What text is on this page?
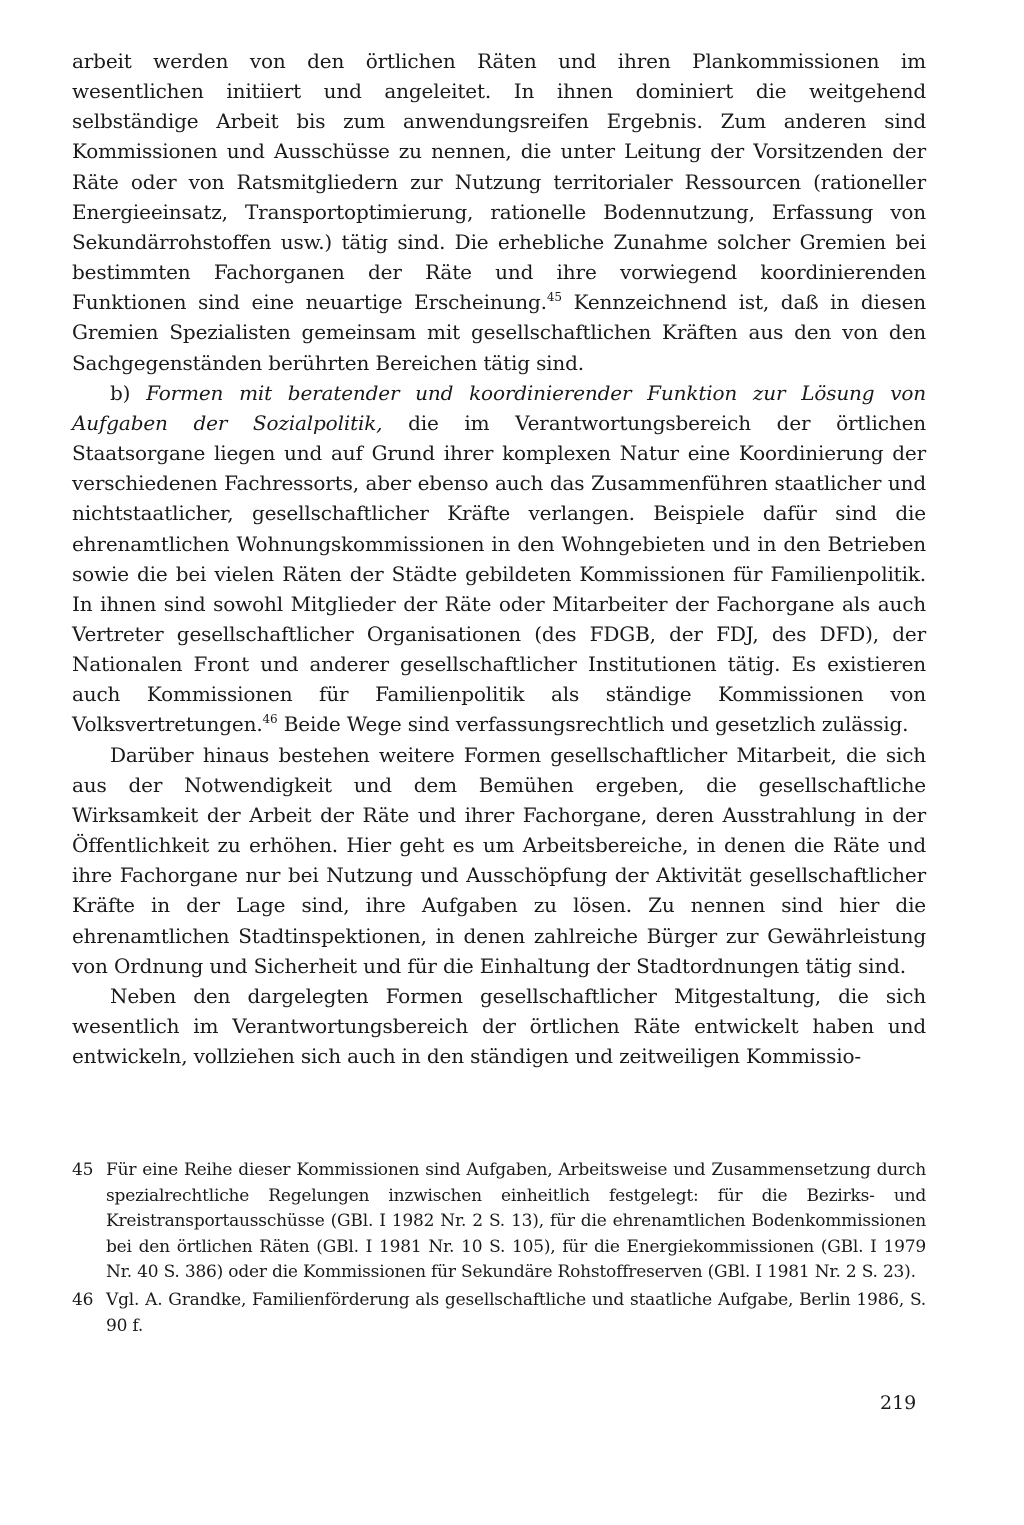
arbeit werden von den örtlichen Räten und ihren Plankommissionen im wesentlichen initiiert und angeleitet. In ihnen dominiert die weitgehend selbständige Arbeit bis zum anwendungsreifen Ergebnis. Zum anderen sind Kommissionen und Ausschüsse zu nennen, die unter Leitung der Vorsitzenden der Räte oder von Ratsmitgliedern zur Nutzung territorialer Ressourcen (rationeller Energieeinsatz, Transportoptimierung, rationelle Bodennutzung, Erfassung von Sekundärrohstoffen usw.) tätig sind. Die erhebliche Zunahme solcher Gremien bei bestimmten Fachorganen der Räte und ihre vorwiegend koordinierenden Funktionen sind eine neuartige Erscheinung.$^{45}$ Kennzeichnend ist, daß in diesen Gremien Spezialisten gemeinsam mit gesellschaftlichen Kräften aus den von den Sachgegenständen berührten Bereichen tätig sind.

b) Formen mit beratender und koordinierender Funktion zur Lösung von Aufgaben der Sozialpolitik, die im Verantwortungsbereich der örtlichen Staatsorgane liegen und auf Grund ihrer komplexen Natur eine Koordinierung der verschiedenen Fachressorts, aber ebenso auch das Zusammenführen staatlicher und nichtstaatlicher, gesellschaftlicher Kräfte verlangen. Beispiele dafür sind die ehrenamtlichen Wohnungskommissionen in den Wohngebieten und in den Betrieben sowie die bei vielen Räten der Städte gebildeten Kommissionen für Familienpolitik. In ihnen sind sowohl Mitglieder der Räte oder Mitarbeiter der Fachorgane als auch Vertreter gesellschaftlicher Organisationen (des FDGB, der FDJ, des DFD), der Nationalen Front und anderer gesellschaftlicher Institutionen tätig. Es existieren auch Kommissionen für Familienpolitik als ständige Kommissionen von Volksvertretungen.$^{46}$ Beide Wege sind verfassungsrechtlich und gesetzlich zulässig.

Darüber hinaus bestehen weitere Formen gesellschaftlicher Mitarbeit, die sich aus der Notwendigkeit und dem Bemühen ergeben, die gesellschaftliche Wirksamkeit der Arbeit der Räte und ihrer Fachorgane, deren Ausstrahlung in der Öffentlichkeit zu erhöhen. Hier geht es um Arbeitsbereiche, in denen die Räte und ihre Fachorgane nur bei Nutzung und Ausschöpfung der Aktivität gesellschaftlicher Kräfte in der Lage sind, ihre Aufgaben zu lösen. Zu nennen sind hier die ehrenamtlichen Stadtinspektionen, in denen zahlreiche Bürger zur Gewährleistung von Ordnung und Sicherheit und für die Einhaltung der Stadtordnungen tätig sind.

Neben den dargelegten Formen gesellschaftlicher Mitgestaltung, die sich wesentlich im Verantwortungsbereich der örtlichen Räte entwickelt haben und entwickeln, vollziehen sich auch in den ständigen und zeitweiligen Kommissio-

45 Für eine Reihe dieser Kommissionen sind Aufgaben, Arbeitsweise und Zusammensetzung durch spezialrechtliche Regelungen inzwischen einheitlich festgelegt: für die Bezirks- und Kreistransportausschüsse (GBl. I 1982 Nr. 2 S. 13), für die ehrenamtlichen Bodenkommissionen bei den örtlichen Räten (GBl. I 1981 Nr. 10 S. 105), für die Energiekommissionen (GBl. I 1979 Nr. 40 S. 386) oder die Kommissionen für Sekundäre Rohstoffreserven (GBl. I 1981 Nr. 2 S. 23).
46 Vgl. A. Grandke, Familienförderung als gesellschaftliche und staatliche Aufgabe, Berlin 1986, S. 90 f.
219
